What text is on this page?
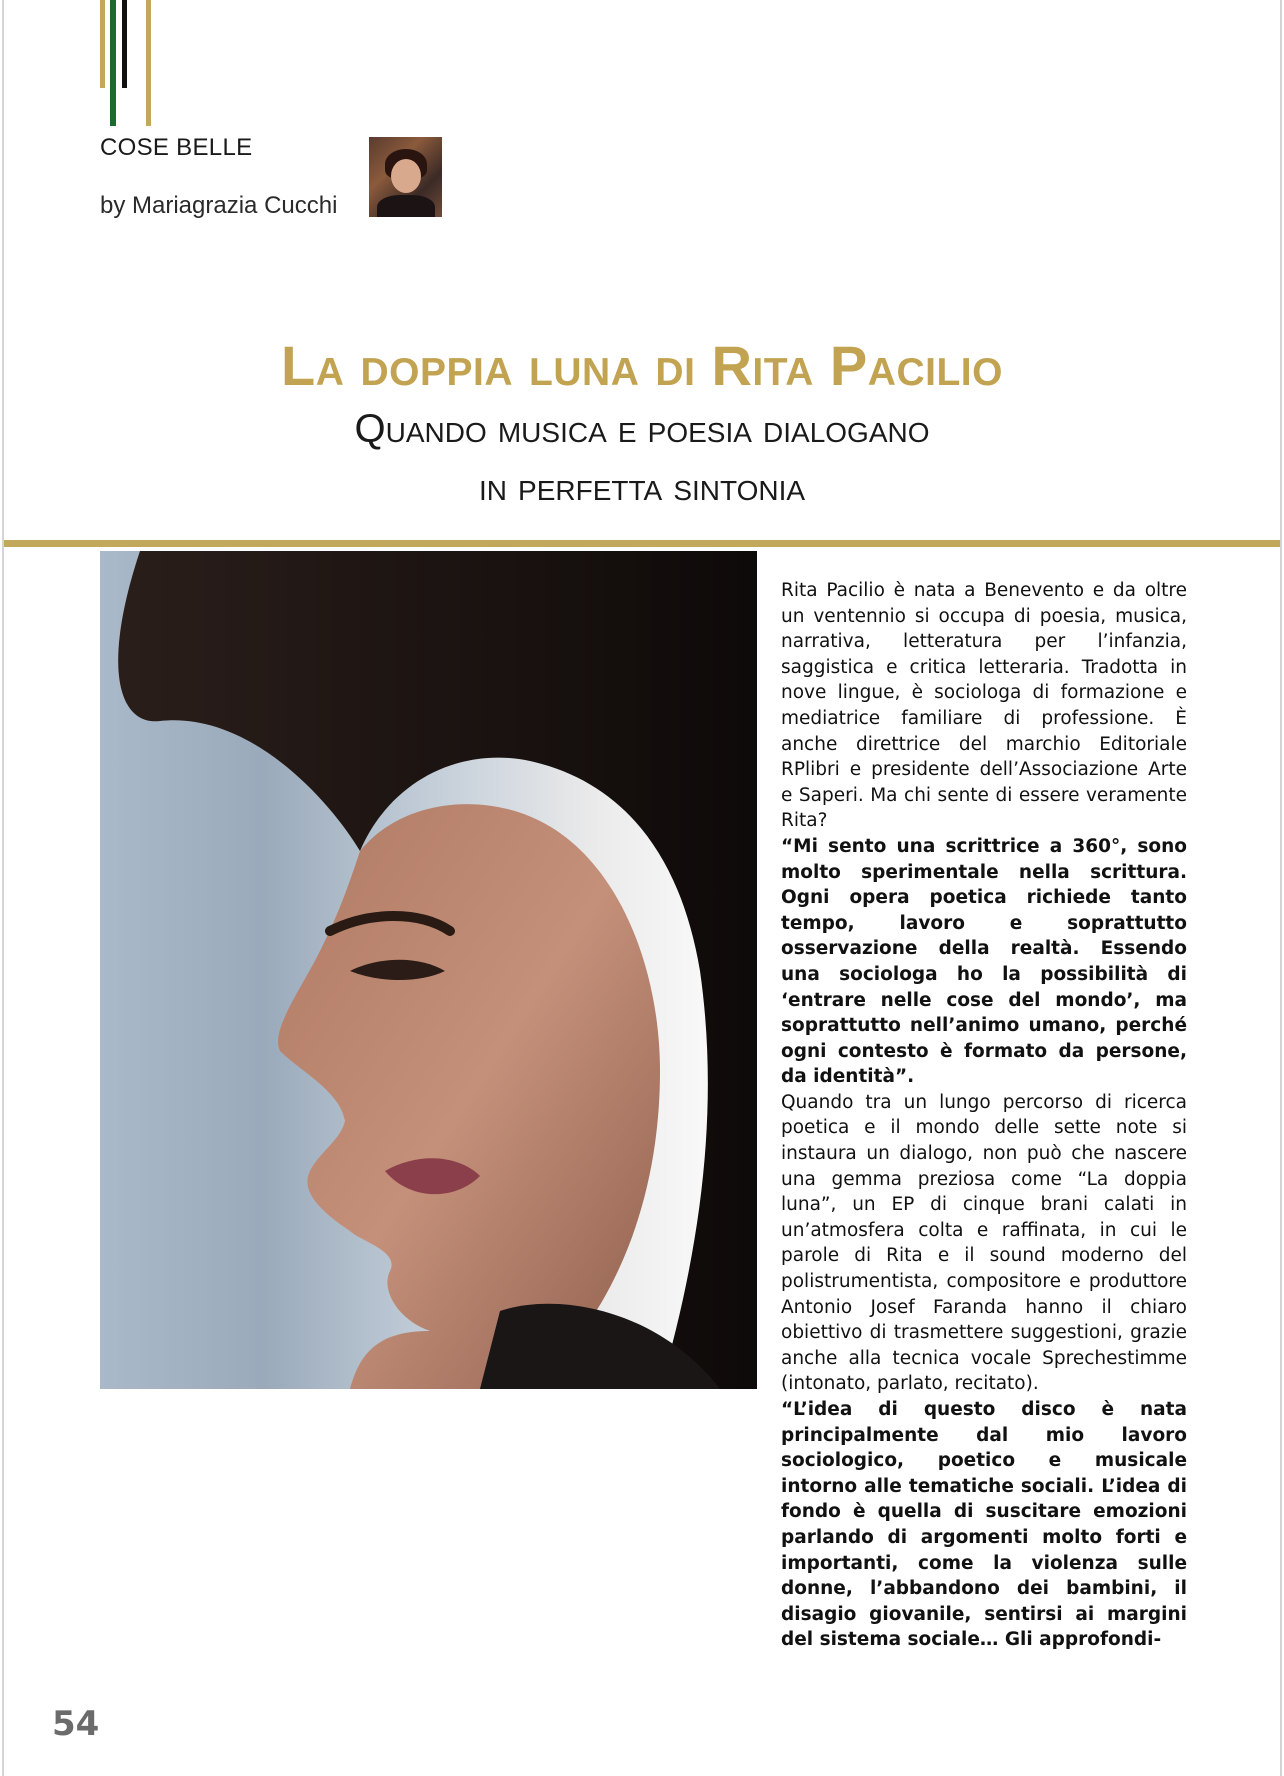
COSE BELLE
by Mariagrazia Cucchi
La doppia luna di Rita Pacilio
Quando musica e poesia dialogano
in perfetta sintonia

Rita Pacilio è nata a Benevento e da oltre un ventennio si occupa di poesia, musica, narrativa, letteratura per l’infanzia, saggistica e critica letteraria. Tradotta in nove lingue, è sociologa di formazione e mediatrice familiare di professione. È anche direttrice del marchio Editoriale RPlibri e presidente dell’Associazione Arte e Saperi. Ma chi sente di essere veramente Rita?

“Mi sento una scrittrice a 360°, sono molto sperimentale nella scrittura. Ogni opera poetica richiede tanto tempo, lavoro e soprattutto osservazione della realtà. Essendo una sociologa ho la possibilità di ‘entrare nelle cose del mondo’, ma soprattutto nell’animo umano, perché ogni contesto è formato da persone, da identità”.

Quando tra un lungo percorso di ricerca poetica e il mondo delle sette note si instaura un dialogo, non può che nascere una gemma preziosa come “La doppia luna”, un EP di cinque brani calati in un’atmosfera colta e raffinata, in cui le parole di Rita e il sound moderno del polistrumentista, compositore e produttore Antonio Josef Faranda hanno il chiaro obiettivo di trasmettere suggestioni, grazie anche alla tecnica vocale Sprechestimme (intonato, parlato, recitato).

“L’idea di questo disco è nata principalmente dal mio lavoro sociologico, poetico e musicale intorno alle tematiche sociali. L’idea di fondo è quella di suscitare emozioni parlando di argomenti molto forti e importanti, come la violenza sulle donne, l’abbandono dei bambini, il disagio giovanile, sentirsi ai margini del sistema sociale… Gli approfondi-

54
